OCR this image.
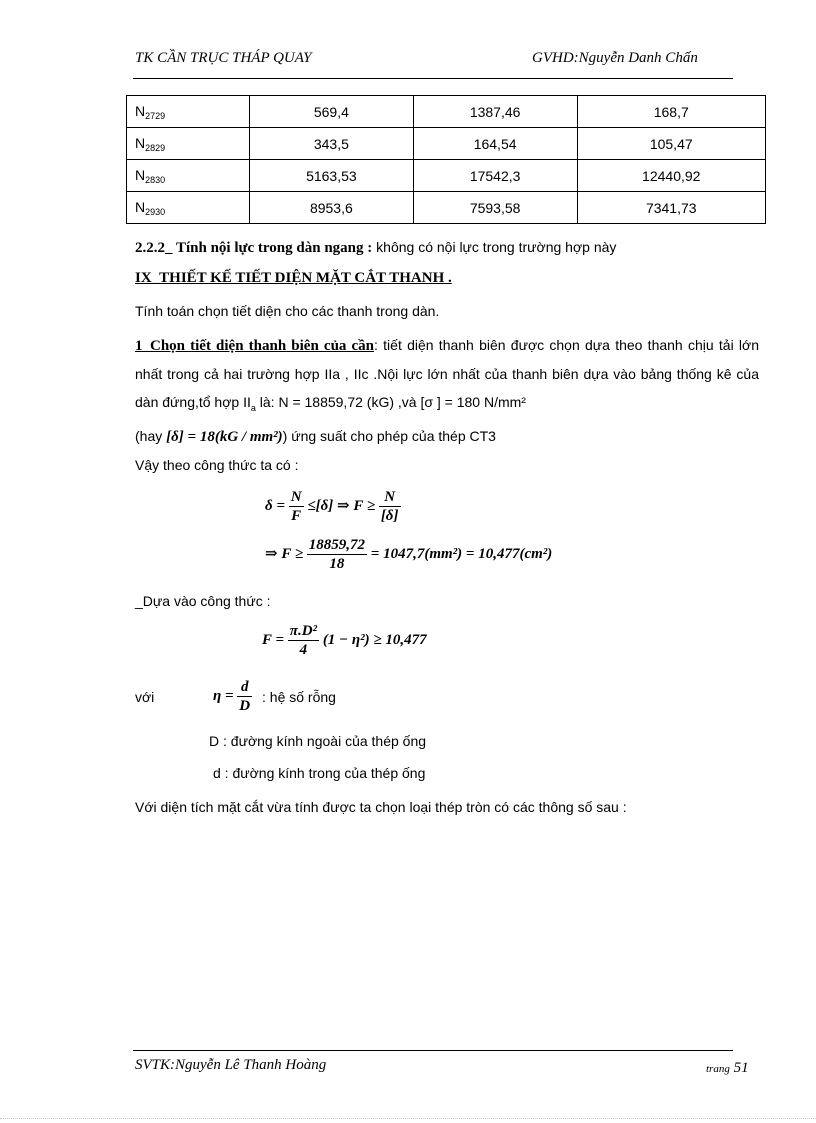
TK CẦN TRỤC THÁP QUAY	GVHD:Nguyễn Danh Chấn
$N_{2729}$	569,4	1387,46	168,7
$N_{2829}$	343,5	164,54	105,47
$N_{2830}$	5163,53	17542,3	12440,92
$N_{2930}$	8953,6	7593,58	7341,73
2.2.2_ Tính nội lực trong dàn ngang : không có nội lực trong trường hợp này
IX_THIẾT KẾ TIẾT DIỆN MẶT CẮT THANH .
Tính toán chọn tiết diện cho các thanh trong dàn.
1_Chọn tiết diện thanh biên của cần: tiết diện thanh biên được chọn dựa theo thanh chịu tải lớn nhất trong cả hai trường hợp IIa , IIc .Nội lực lớn nhất của thanh biên dựa vào bảng thống kê của dàn đứng,tổ hợp $II_a$ là: N = 18859,72 (kG) ,và [σ ] = 180 N/mm²
(hay [δ] = 18(kG / mm²)) ứng suất cho phép của thép CT3
Vậy theo công thức ta có :
$\delta = \frac{N}{F} \le[\delta]$ ⇒ $F \ge \frac{N}{[\delta]}$
⇒ $F \ge \frac{18859,72}{18} = 1047,7(mm^2) = 10,477(cm^2)$
_Dựa vào công thức :
$F = \frac{\text{π.D²}}{4} (1 - \eta^2) \ge 10,477$
với	$\eta = \frac{d}{D}$ : hệ số rỗng
D : đường kính ngoài của thép ống
d : đường kính trong của thép ống
Với diện tích mặt cắt vừa tính được ta chọn loại thép tròn có các thông số sau :
SVTK:Nguyễn Lê Thanh Hoàng	trang 51
